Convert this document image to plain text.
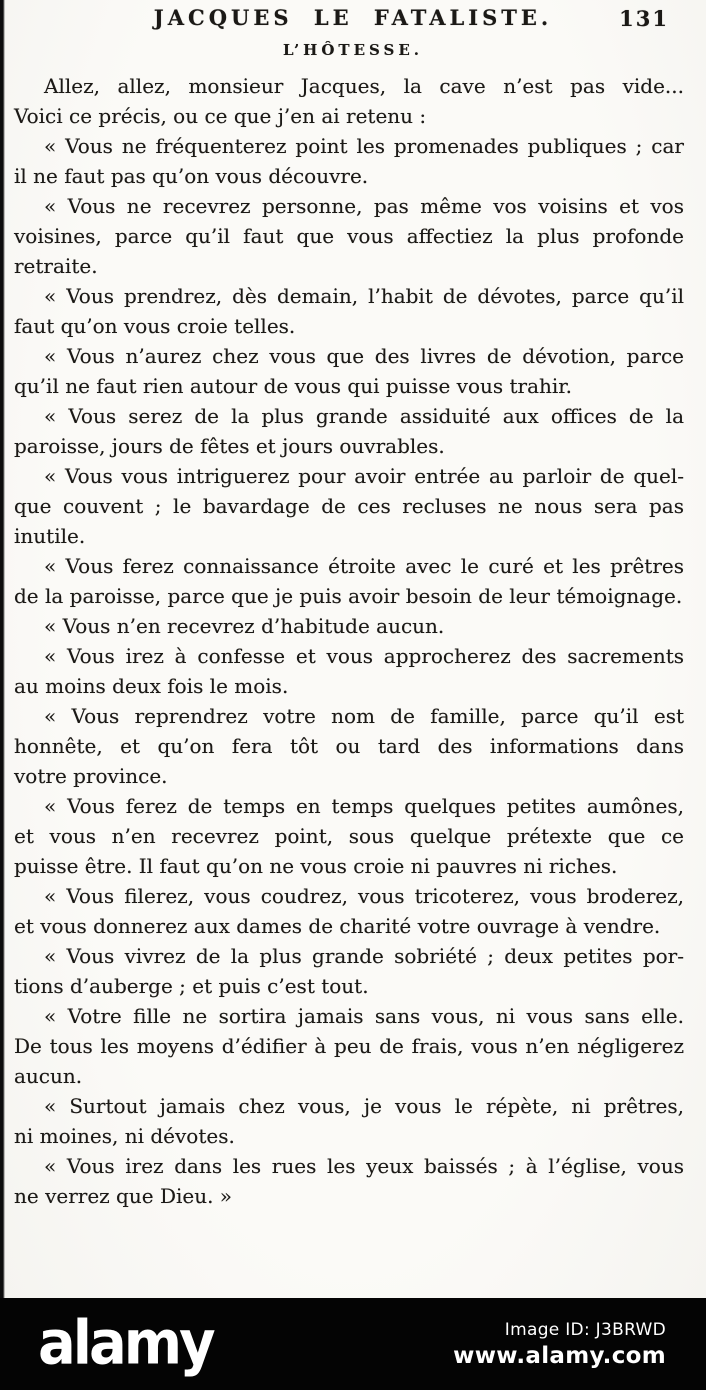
JACQUES LE FATALISTE.	131
L’HÔTESSE.
Allez, allez, monsieur Jacques, la cave n’est pas vide...
Voici ce précis, ou ce que j’en ai retenu :
« Vous ne fréquenterez point les promenades publiques ; car
il ne faut pas qu’on vous découvre.
« Vous ne recevrez personne, pas même vos voisins et vos
voisines, parce qu’il faut que vous affectiez la plus profonde
retraite.
« Vous prendrez, dès demain, l’habit de dévotes, parce qu’il
faut qu’on vous croie telles.
« Vous n’aurez chez vous que des livres de dévotion, parce
qu’il ne faut rien autour de vous qui puisse vous trahir.
« Vous serez de la plus grande assiduité aux offices de la
paroisse, jours de fêtes et jours ouvrables.
« Vous vous intriguerez pour avoir entrée au parloir de quel-
que couvent ; le bavardage de ces recluses ne nous sera pas
inutile.
« Vous ferez connaissance étroite avec le curé et les prêtres
de la paroisse, parce que je puis avoir besoin de leur témoignage.
« Vous n’en recevrez d’habitude aucun.
« Vous irez à confesse et vous approcherez des sacrements
au moins deux fois le mois.
« Vous reprendrez votre nom de famille, parce qu’il est
honnête, et qu’on fera tôt ou tard des informations dans
votre province.
« Vous ferez de temps en temps quelques petites aumônes,
et vous n’en recevrez point, sous quelque prétexte que ce
puisse être. Il faut qu’on ne vous croie ni pauvres ni riches.
« Vous filerez, vous coudrez, vous tricoterez, vous broderez,
et vous donnerez aux dames de charité votre ouvrage à vendre.
« Vous vivrez de la plus grande sobriété ; deux petites por-
tions d’auberge ; et puis c’est tout.
« Votre fille ne sortira jamais sans vous, ni vous sans elle.
De tous les moyens d’édifier à peu de frais, vous n’en négligerez
aucun.
« Surtout jamais chez vous, je vous le répète, ni prêtres,
ni moines, ni dévotes.
« Vous irez dans les rues les yeux baissés ; à l’église, vous
ne verrez que Dieu. »
alamy	Image ID: J3BRWD
www.alamy.com
